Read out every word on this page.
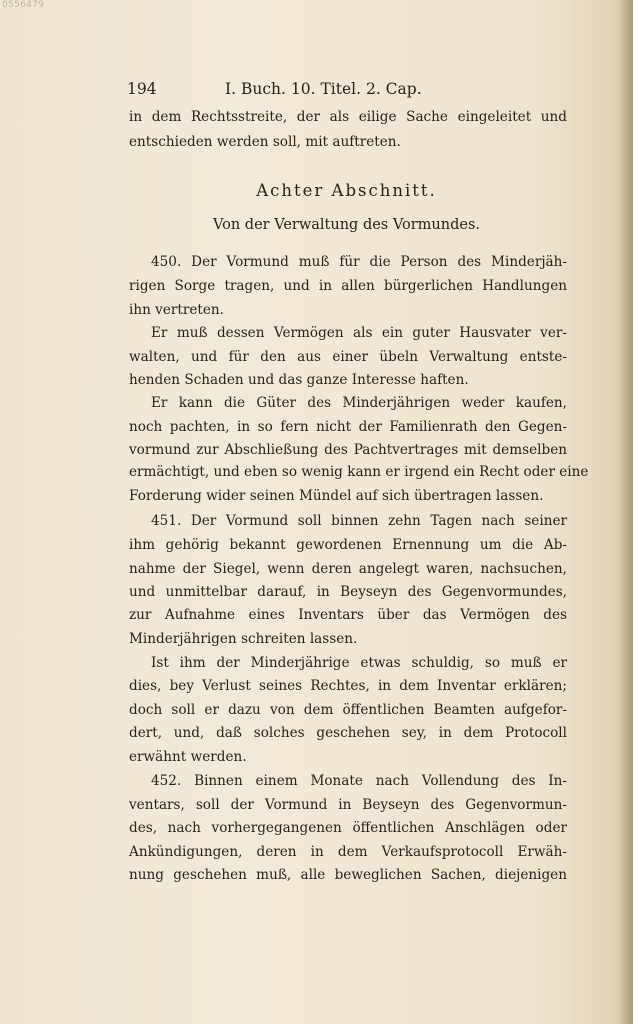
0556479
194	I. Buch. 10. Titel. 2. Cap.
in dem Rechtsstreite, der als eilige Sache eingeleitet und
entschieden werden soll, mit auftreten.
Achter Abschnitt.
Von der Verwaltung des Vormundes.
450. Der Vormund muß für die Person des Minderjäh-
rigen Sorge tragen, und in allen bürgerlichen Handlungen
ihn vertreten.
Er muß dessen Vermögen als ein guter Hausvater ver-
walten, und für den aus einer übeln Verwaltung entste-
henden Schaden und das ganze Interesse haften.
Er kann die Güter des Minderjährigen weder kaufen,
noch pachten, in so fern nicht der Familienrath den Gegen-
vormund zur Abschließung des Pachtvertrages mit demselben
ermächtigt, und eben so wenig kann er irgend ein Recht oder eine
Forderung wider seinen Mündel auf sich übertragen lassen.
451. Der Vormund soll binnen zehn Tagen nach seiner
ihm gehörig bekannt gewordenen Ernennung um die Ab-
nahme der Siegel, wenn deren angelegt waren, nachsuchen,
und unmittelbar darauf, in Beyseyn des Gegenvormundes,
zur Aufnahme eines Inventars über das Vermögen des
Minderjährigen schreiten lassen.
Ist ihm der Minderjährige etwas schuldig, so muß er
dies, bey Verlust seines Rechtes, in dem Inventar erklären;
doch soll er dazu von dem öffentlichen Beamten aufgefor-
dert, und, daß solches geschehen sey, in dem Protocoll
erwähnt werden.
452. Binnen einem Monate nach Vollendung des In-
ventars, soll der Vormund in Beyseyn des Gegenvormun-
des, nach vorhergegangenen öffentlichen Anschlägen oder
Ankündigungen, deren in dem Verkaufsprotocoll Erwäh-
nung geschehen muß, alle beweglichen Sachen, diejenigen
